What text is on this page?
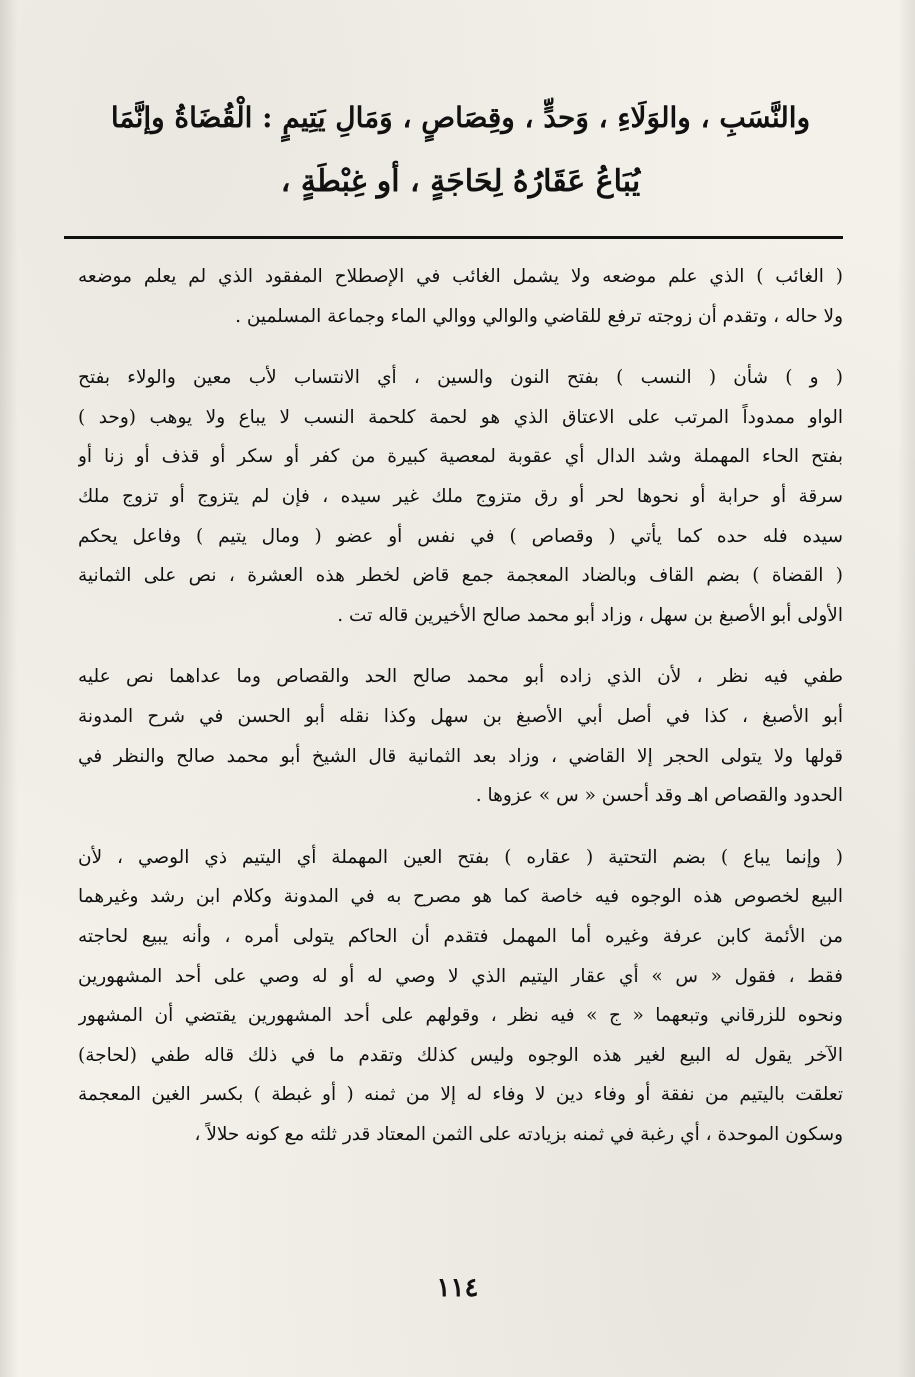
والنَّسَبِ ، والوَلَاءِ ، وَحدٍّ ، وقِصَاصٍ ، وَمَالِ يَتِيمٍ : الْقُضَاةُ وإنَّمَا
يُبَاعُ عَقَارُهُ لِحَاجَةٍ ، أو غِبْطَةٍ ،

( الغائب ) الذي علم موضعه ولا يشمل الغائب في الإصطلاح المفقود الذي لم يعلم موضعه
ولا حاله ، وتقدم أن زوجته ترفع للقاضي والوالي ووالي الماء وجماعة المسلمين .

( و ) شأن ( النسب ) بفتح النون والسين ، أي الانتساب لأب معين والولاء بفتح
الواو ممدوداً المرتب على الاعتاق الذي هو لحمة كلحمة النسب لا يباع ولا يوهب (وحد )
بفتح الحاء المهملة وشد الدال أي عقوبة لمعصية كبيرة من كفر أو سكر أو قذف أو زنا أو
سرقة أو حرابة أو نحوها لحر أو رق متزوج ملك غير سيده ، فإن لم يتزوج أو تزوج ملك
سيده فله حده كما يأتي ( وقصاص ) في نفس أو عضو ( ومال يتيم ) وفاعل يحكم
( القضاة ) بضم القاف وبالضاد المعجمة جمع قاض لخطر هذه العشرة ، نص على الثمانية
الأولى أبو الأصبغ بن سهل ، وزاد أبو محمد صالح الأخيرين قاله تت .

طفي فيه نظر ، لأن الذي زاده أبو محمد صالح الحد والقصاص وما عداهما نص عليه
أبو الأصبغ ، كذا في أصل أبي الأصبغ بن سهل وكذا نقله أبو الحسن في شرح المدونة
قولها ولا يتولى الحجر إلا القاضي ، وزاد بعد الثمانية قال الشيخ أبو محمد صالح والنظر في
الحدود والقصاص اهـ وقد أحسن « س » عزوها .

( وإنما يباع ) بضم التحتية ( عقاره ) بفتح العين المهملة أي اليتيم ذي الوصي ، لأن
البيع لخصوص هذه الوجوه فيه خاصة كما هو مصرح به في المدونة وكلام ابن رشد وغيرهما
من الأئمة كابن عرفة وغيره أما المهمل فتقدم أن الحاكم يتولى أمره ، وأنه يبيع لحاجته
فقط ، فقول « س » أي عقار اليتيم الذي لا وصي له أو له وصي على أحد المشهورين
ونحوه للزرقاني وتبعهما « ج » فيه نظر ، وقولهم على أحد المشهورين يقتضي أن المشهور
الآخر يقول له البيع لغير هذه الوجوه وليس كذلك وتقدم ما في ذلك قاله طفي (لحاجة)
تعلقت باليتيم من نفقة أو وفاء دين لا وفاء له إلا من ثمنه ( أو غبطة ) بكسر الغين المعجمة
وسكون الموحدة ، أي رغبة في ثمنه بزيادته على الثمن المعتاد قدر ثلثه مع كونه حلالاً ،

١١٤
